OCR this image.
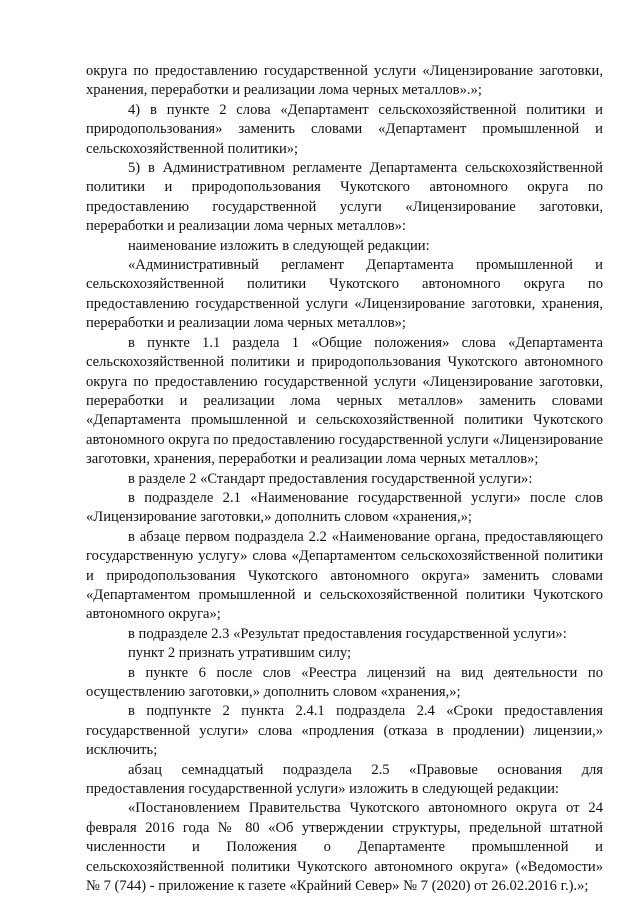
округа по предоставлению государственной услуги «Лицензирование заготовки, хранения, переработки и реализации лома черных металлов».»;

4) в пункте 2 слова «Департамент сельскохозяйственной политики и природопользования» заменить словами «Департамент промышленной и сельскохозяйственной политики»;

5) в Административном регламенте Департамента сельскохозяйственной политики и природопользования Чукотского автономного округа по предоставлению государственной услуги «Лицензирование заготовки, переработки и реализации лома черных металлов»:

наименование изложить в следующей редакции:

«Административный регламент Департамента промышленной и сельскохозяйственной политики Чукотского автономного округа по предоставлению государственной услуги «Лицензирование заготовки, хранения, переработки и реализации лома черных металлов»;

в пункте 1.1 раздела 1 «Общие положения» слова «Департамента сельскохозяйственной политики и природопользования Чукотского автономного округа по предоставлению государственной услуги «Лицензирование заготовки, переработки и реализации лома черных металлов» заменить словами «Департамента промышленной и сельскохозяйственной политики Чукотского автономного округа по предоставлению государственной услуги «Лицензирование заготовки, хранения, переработки и реализации лома черных металлов»;

в разделе 2 «Стандарт предоставления государственной услуги»:

в подразделе 2.1 «Наименование государственной услуги» после слов «Лицензирование заготовки,» дополнить словом «хранения,»;

в абзаце первом подраздела 2.2 «Наименование органа, предоставляющего государственную услугу» слова «Департаментом сельскохозяйственной политики и природопользования Чукотского автономного округа» заменить словами «Департаментом промышленной и сельскохозяйственной политики Чукотского автономного округа»;

в подразделе 2.3 «Результат предоставления государственной услуги»:

пункт 2 признать утратившим силу;

в пункте 6 после слов «Реестра лицензий на вид деятельности по осуществлению заготовки,» дополнить словом «хранения,»;

в подпункте 2 пункта 2.4.1 подраздела 2.4 «Сроки предоставления государственной услуги» слова «продления (отказа в продлении) лицензии,» исключить;

абзац семнадцатый подраздела 2.5 «Правовые основания для предоставления государственной услуги» изложить в следующей редакции:

«Постановлением Правительства Чукотского автономного округа от 24 февраля 2016 года № 80 «Об утверждении структуры, предельной штатной численности и Положения о Департаменте промышленной и сельскохозяйственной политики Чукотского автономного округа» («Ведомости» № 7 (744) - приложение к газете «Крайний Север» № 7 (2020) от 26.02.2016 г.).»;
